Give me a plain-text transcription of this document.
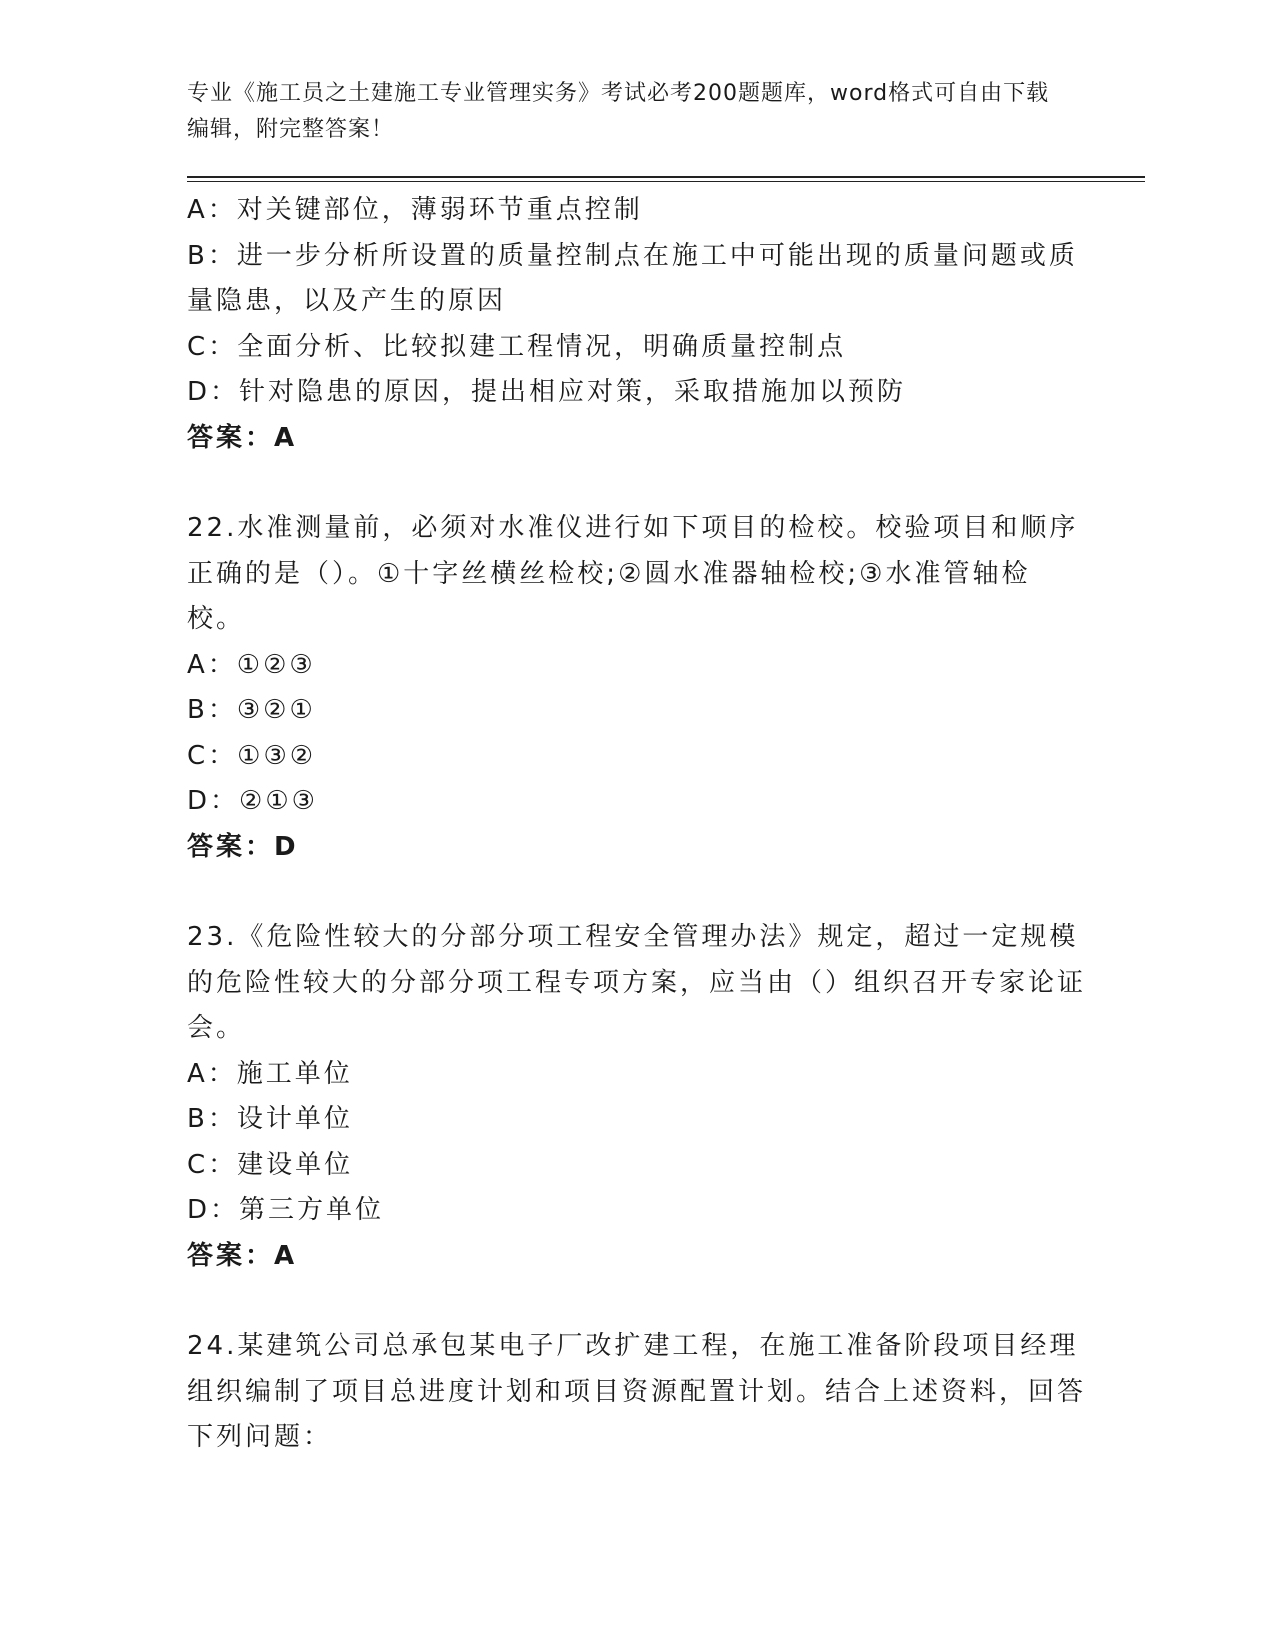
专业《施工员之土建施工专业管理实务》考试必考200题题库，word格式可自由下载编辑，附完整答案！
A：对关键部位，薄弱环节重点控制
B：进一步分析所设置的质量控制点在施工中可能出现的质量问题或质量隐患，以及产生的原因
C：全面分析、比较拟建工程情况，明确质量控制点
D：针对隐患的原因，提出相应对策，采取措施加以预防
答案：A
22.水准测量前，必须对水准仪进行如下项目的检校。校验项目和顺序正确的是（）。①十字丝横丝检校;②圆水准器轴检校;③水准管轴检校。
A：①②③
B：③②①
C：①③②
D：②①③
答案：D
23.《危险性较大的分部分项工程安全管理办法》规定，超过一定规模的危险性较大的分部分项工程专项方案，应当由（）组织召开专家论证会。
A：施工单位
B：设计单位
C：建设单位
D：第三方单位
答案：A
24.某建筑公司总承包某电子厂改扩建工程，在施工准备阶段项目经理组织编制了项目总进度计划和项目资源配置计划。结合上述资料，回答下列问题：
